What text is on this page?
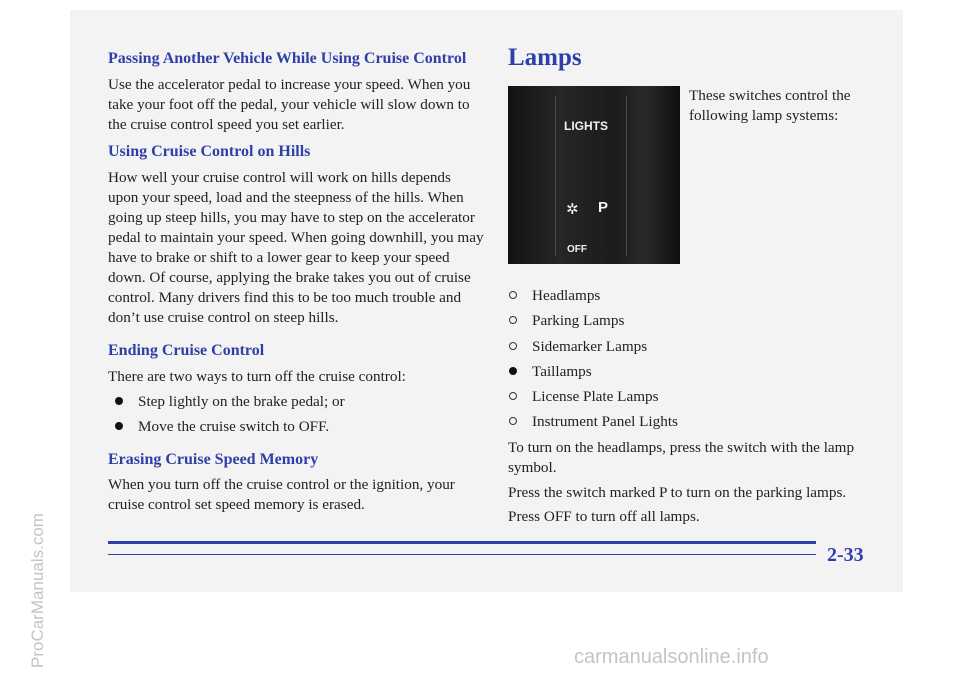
Passing Another Vehicle While Using Cruise Control

Use the accelerator pedal to increase your speed. When you take your foot off the pedal, your vehicle will slow down to the cruise control speed you set earlier.

Using Cruise Control on Hills

How well your cruise control will work on hills depends upon your speed, load and the steepness of the hills. When going up steep hills, you may have to step on the accelerator pedal to maintain your speed. When going downhill, you may have to brake or shift to a lower gear to keep your speed down. Of course, applying the brake takes you out of cruise control. Many drivers find this to be too much trouble and don’t use cruise control on steep hills.

Ending Cruise Control

There are two ways to turn off the cruise control:

Step lightly on the brake pedal; or
Move the cruise switch to OFF.
Erasing Cruise Speed Memory

When you turn off the cruise control or the ignition, your cruise control set speed memory is erased.

Lamps
LIGHTS
✲ P
OFF

These switches control the following lamp systems:

Headlamps
Parking Lamps
Sidemarker Lamps
Taillamps
License Plate Lamps
Instrument Panel Lights

To turn on the headlamps, press the switch with the lamp symbol.

Press the switch marked P to turn on the parking lamps.

Press OFF to turn off all lamps.

2-33
ProCarManuals.com	carmanualsonline.info
